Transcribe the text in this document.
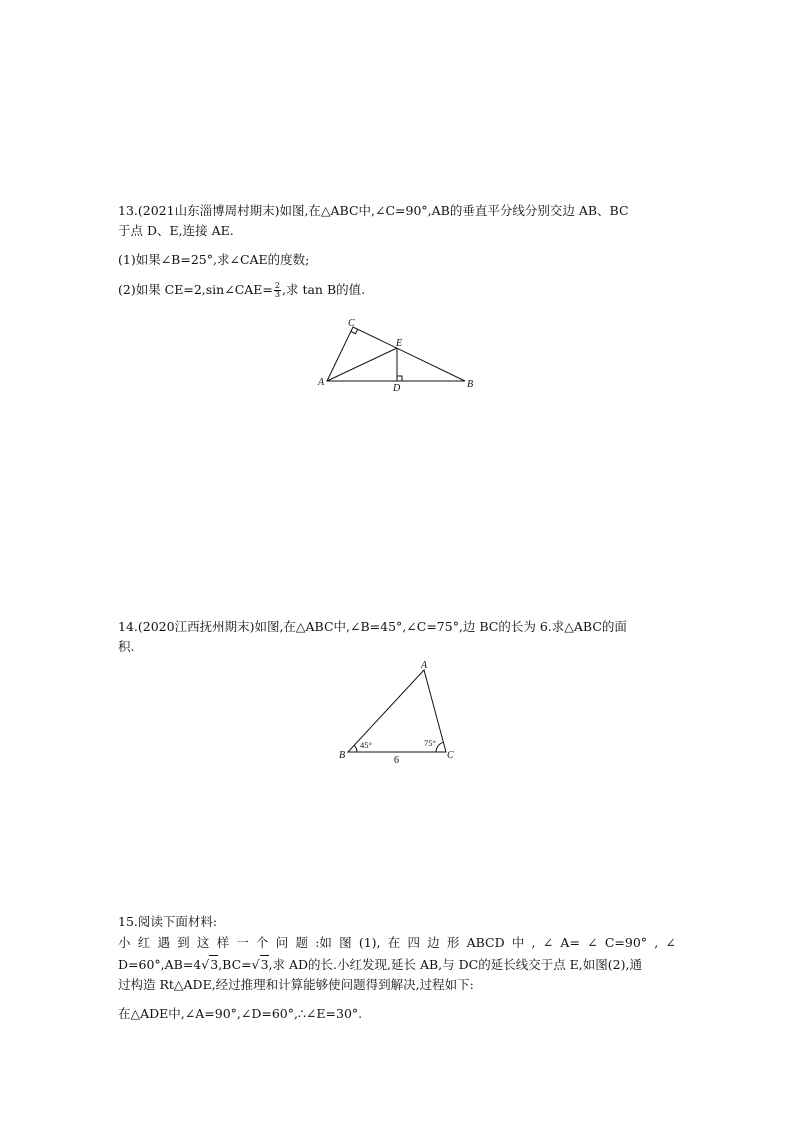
13.(2021山东淄博周村期末)如图,在△ABC中,∠C=90°,AB的垂直平分线分别交边 AB、BC
于点 D、E,连接 AE.
(1)如果∠B=25°,求∠CAE的度数;
(2)如果 CE=2,sin∠CAE= $\frac{2}{3}$ ,求 tan B的值.
A	B
C
D
E
14.(2020江西抚州期末)如图,在△ABC中,∠B=45°,∠C=75°,边 BC的长为 6.求△ABC的面
积.
A
B	C
45°	75°
6
15.阅读下面材料:
小 红 遇 到 这 样 一 个 问 题 :如 图 (1), 在 四 边 形 ABCD 中 , ∠ A= ∠ C=90° , ∠
D=60°,AB=4√3,BC=√3,求 AD的长.小红发现,延长 AB,与 DC的延长线交于点 E,如图(2),通
过构造 Rt△ADE,经过推理和计算能够使问题得到解决,过程如下:
在△ADE中,∠A=90°,∠D=60°,∴∠E=30°.
